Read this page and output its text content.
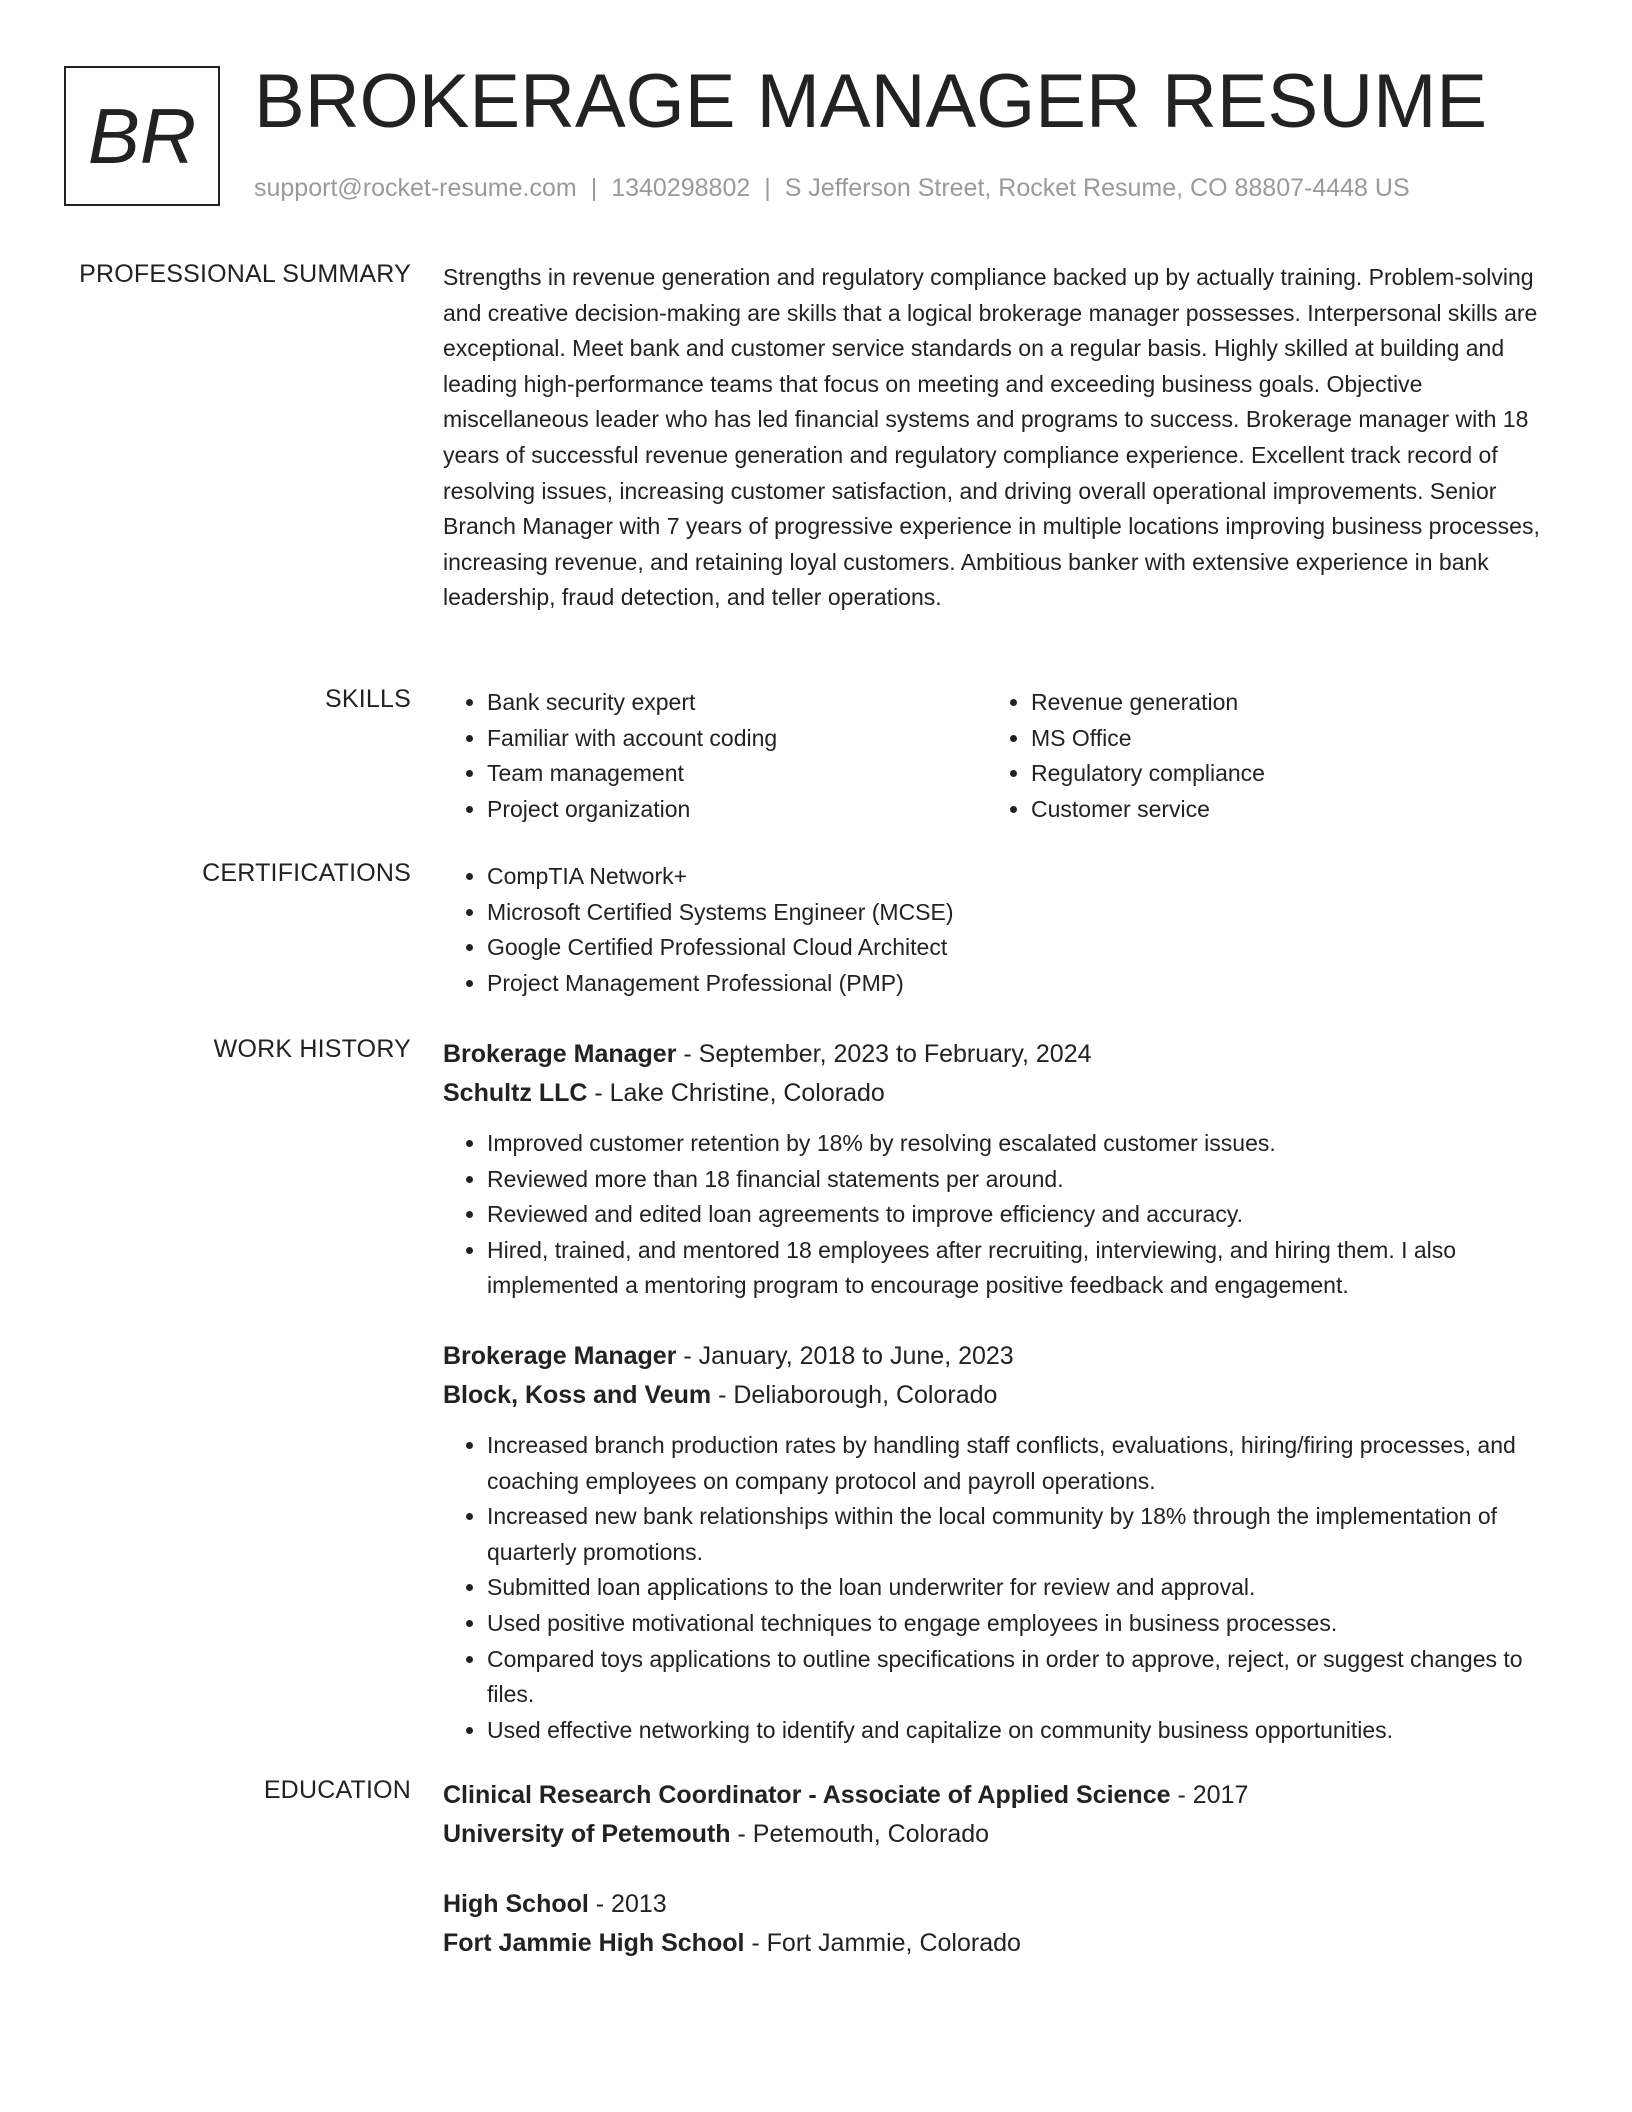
BR BROKERAGE MANAGER RESUME
support@rocket-resume.com | 1340298802 | S Jefferson Street, Rocket Resume, CO 88807-4448 US
PROFESSIONAL SUMMARY Strengths in revenue generation and regulatory compliance backed up by actually training. Problem-solving and creative decision-making are skills that a logical brokerage manager possesses. Interpersonal skills are exceptional. Meet bank and customer service standards on a regular basis. Highly skilled at building and leading high-performance teams that focus on meeting and exceeding business goals. Objective miscellaneous leader who has led financial systems and programs to success. Brokerage manager with 18 years of successful revenue generation and regulatory compliance experience. Excellent track record of resolving issues, increasing customer satisfaction, and driving overall operational improvements. Senior Branch Manager with 7 years of progressive experience in multiple locations improving business processes, increasing revenue, and retaining loyal customers. Ambitious banker with extensive experience in bank leadership, fraud detection, and teller operations.
SKILLS	• Bank security expert
• Familiar with account coding
• Team management
• Project organization
• Revenue generation
• MS Office
• Regulatory compliance
• Customer service
CERTIFICATIONS	• CompTIA Network+
• Microsoft Certified Systems Engineer (MCSE)
• Google Certified Professional Cloud Architect
• Project Management Professional (PMP)
WORK HISTORY Brokerage Manager - September, 2023 to February, 2024
Schultz LLC - Lake Christine, Colorado
• Improved customer retention by 18% by resolving escalated customer issues.
• Reviewed more than 18 financial statements per around.
• Reviewed and edited loan agreements to improve efficiency and accuracy.
• Hired, trained, and mentored 18 employees after recruiting, interviewing, and hiring them. I also implemented a mentoring program to encourage positive feedback and engagement.
Brokerage Manager - January, 2018 to June, 2023
Block, Koss and Veum - Deliaborough, Colorado
• Increased branch production rates by handling staff conflicts, evaluations, hiring/firing processes, and coaching employees on company protocol and payroll operations.
• Increased new bank relationships within the local community by 18% through the implementation of quarterly promotions.
• Submitted loan applications to the loan underwriter for review and approval.
• Used positive motivational techniques to engage employees in business processes.
• Compared toys applications to outline specifications in order to approve, reject, or suggest changes to files.
• Used effective networking to identify and capitalize on community business opportunities.
EDUCATION Clinical Research Coordinator - Associate of Applied Science - 2017
University of Petemouth - Petemouth, Colorado
High School - 2013
Fort Jammie High School - Fort Jammie, Colorado
